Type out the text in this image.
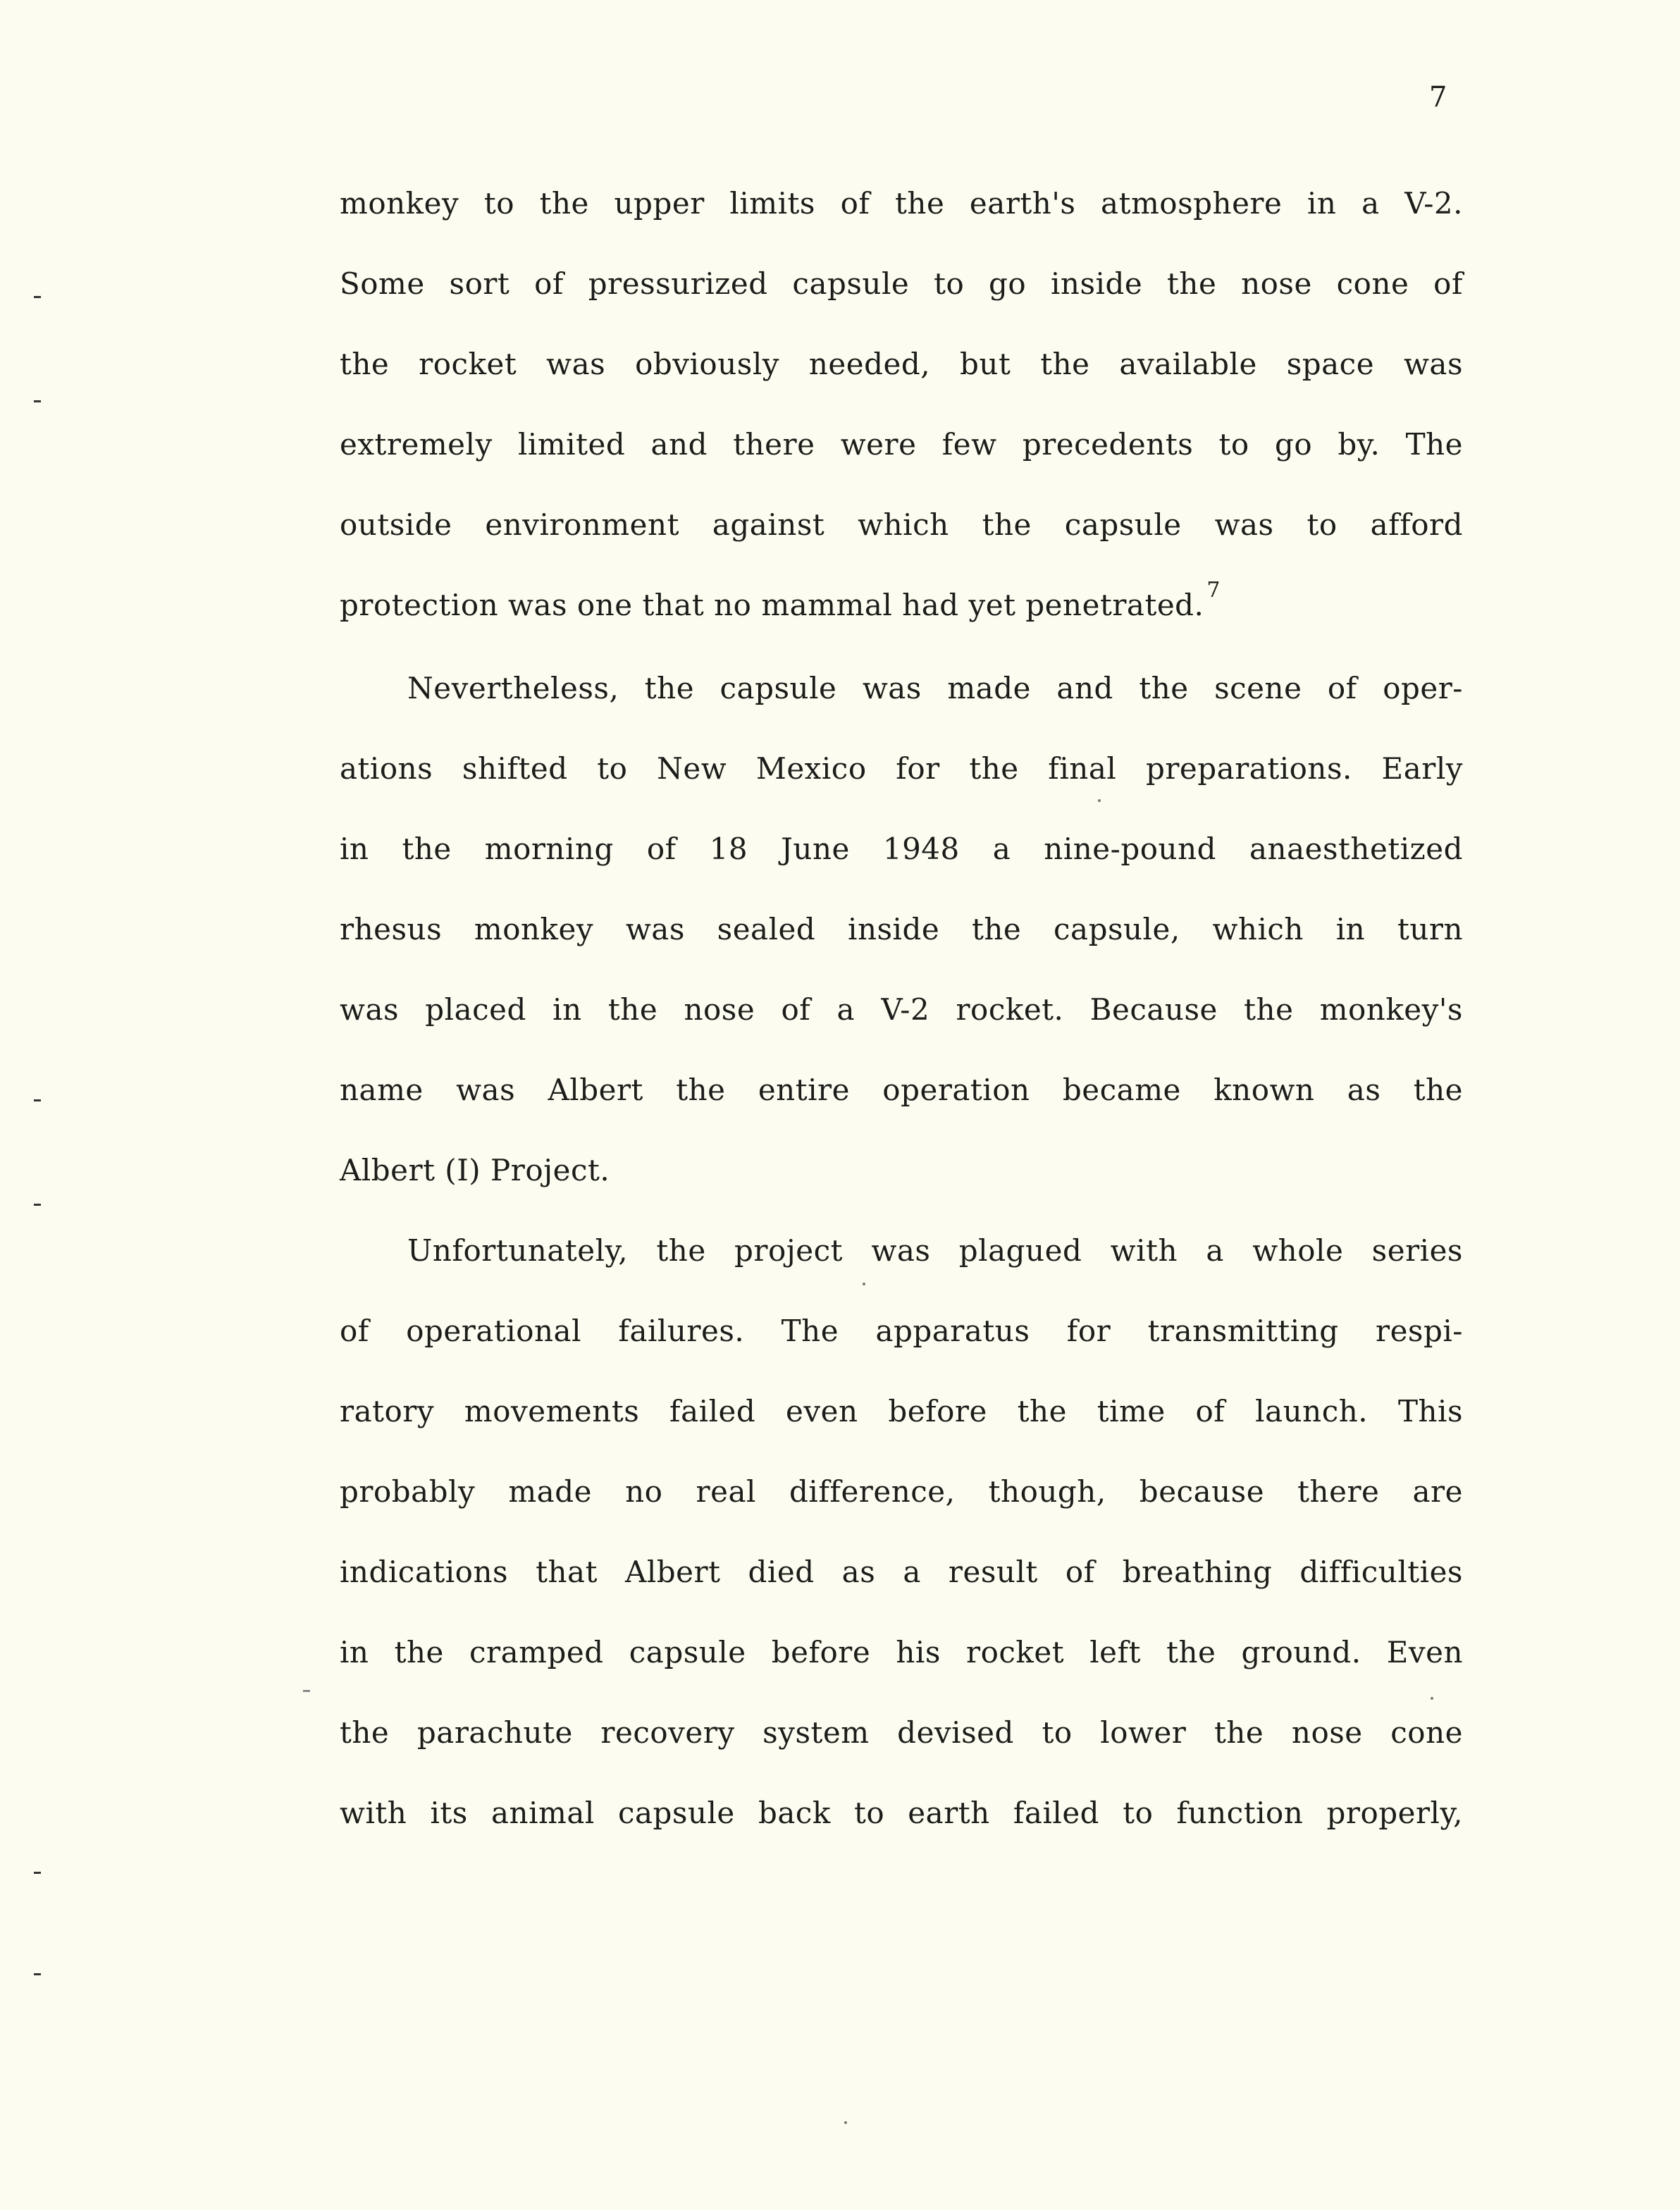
7
monkey to the upper limits of the earth's atmosphere in a V-2.
Some sort of pressurized capsule to go inside the nose cone of
the rocket was obviously needed, but the available space was
extremely limited and there were few precedents to go by. The
outside environment against which the capsule was to afford
protection was one that no mammal had yet penetrated. $^7$
Nevertheless, the capsule was made and the scene of oper-
ations shifted to New Mexico for the final preparations. Early
in the morning of 18 June 1948 a nine-pound anaesthetized
rhesus monkey was sealed inside the capsule, which in turn
was placed in the nose of a V-2 rocket. Because the monkey's
name was Albert the entire operation became known as the
Albert (I) Project.
Unfortunately, the project was plagued with a whole series
of operational failures. The apparatus for transmitting respi-
ratory movements failed even before the time of launch. This
probably made no real difference, though, because there are
indications that Albert died as a result of breathing difficulties
in the cramped capsule before his rocket left the ground. Even
the parachute recovery system devised to lower the nose cone
with its animal capsule back to earth failed to function properly,
